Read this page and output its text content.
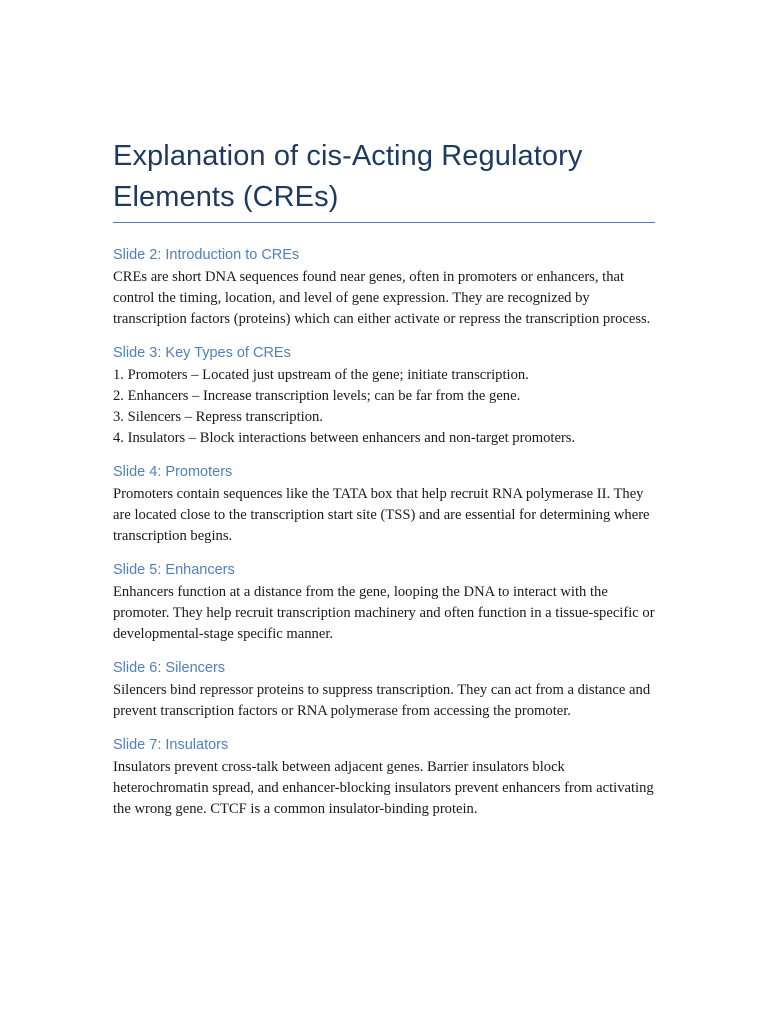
Explanation of cis-Acting Regulatory Elements (CREs)
Slide 2: Introduction to CREs

CREs are short DNA sequences found near genes, often in promoters or enhancers, that control the timing, location, and level of gene expression. They are recognized by transcription factors (proteins) which can either activate or repress the transcription process.

Slide 3: Key Types of CREs

1. Promoters – Located just upstream of the gene; initiate transcription.

2. Enhancers – Increase transcription levels; can be far from the gene.

3. Silencers – Repress transcription.

4. Insulators – Block interactions between enhancers and non-target promoters.

Slide 4: Promoters

Promoters contain sequences like the TATA box that help recruit RNA polymerase II. They are located close to the transcription start site (TSS) and are essential for determining where transcription begins.

Slide 5: Enhancers

Enhancers function at a distance from the gene, looping the DNA to interact with the promoter. They help recruit transcription machinery and often function in a tissue-specific or developmental-stage specific manner.

Slide 6: Silencers

Silencers bind repressor proteins to suppress transcription. They can act from a distance and prevent transcription factors or RNA polymerase from accessing the promoter.

Slide 7: Insulators

Insulators prevent cross-talk between adjacent genes. Barrier insulators block heterochromatin spread, and enhancer-blocking insulators prevent enhancers from activating the wrong gene. CTCF is a common insulator-binding protein.
